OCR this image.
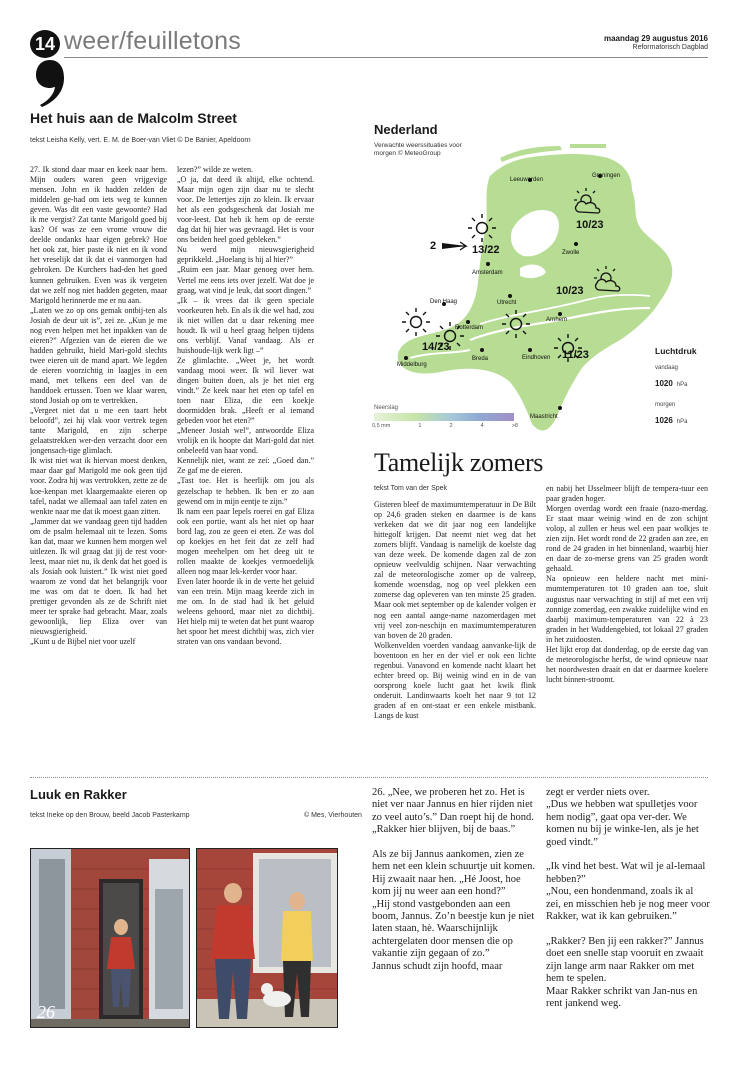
14 weer/feuilletons	maandag 29 augustus 2016
Reformatorisch Dagblad
Het huis aan de Malcolm Street
tekst Leisha Kelly, vert. E. M. de Boer-van Vliet © De Banier, Apeldoorn

27. Ik stond daar maar en keek naar hem. Mijn ouders waren geen vrijgevige mensen. John en ik hadden zelden de middelen ge-had om iets weg te kunnen geven. Was dit een vaste gewoonte? Had ik me vergist? Zat tante Marigold goed bij kas? Of was ze een vrome vrouw die deelde ondanks haar eigen gebrek? Hoe het ook zat, hier paste ik niet en ik vond het vreselijk dat ik dat ei vanmorgen had gebroken. De Kurchers had-den het goed kunnen gebruiken. Even was ik vergeten dat we zelf nog niet hadden gegeten, maar Marigold herinnerde me er nu aan.
„Laten we zo op ons gemak ontbij-ten als Josiah de deur uit is”, zei ze. „Kun je me nog even helpen met het inpakken van de eieren?” Afgezien van de eieren die we hadden gebruikt, hield Mari-gold slechts twee eieren uit de mand apart. We legden de eieren voorzichtig in laagjes in een mand, met telkens een deel van de handdoek ertussen. Toen we klaar waren, stond Josiah op om te vertrekken.
„Vergeet niet dat u me een taart hebt beloofd”, zei hij vlak voor vertrek tegen tante Marigold, en zijn scherpe gelaatstrekken wer-den verzacht door een jongensach-tige glimlach.
Ik wist niet wat ik hiervan moest denken, maar daar gaf Marigold me ook geen tijd voor. Zodra hij was vertrokken, zette ze de koe-kenpan met klaargemaakte eieren op tafel, nadat we allemaal aan tafel zaten en wenkte naar me dat ik moest gaan zitten.
„Jammer dat we vandaag geen tijd hadden om de psalm helemaal uit te lezen. Soms kan dat, maar we kunnen hem morgen wel uitlezen. Ik wil graag dat jij de rest voor-leest, maar niet nu, ik denk dat het goed is als Josiah ook luistert.” Ik wist niet goed waarom ze vond dat het belangrijk voor me was om dat te doen. Ik had het prettiger gevonden als ze de Schrift niet meer ter sprake had gebracht. Maar, zoals gewoonlijk, liep Eliza over van nieuwsgierigheid.
„Kunt u de Bijbel niet voor uzelf

lezen?” wilde ze weten.
„O ja, dat deed ik altijd, elke ochtend. Maar mijn ogen zijn daar nu te slecht voor. De lettertjes zijn zo klein. Ik ervaar het als een godsgeschenk dat Josiah me voor-leest. Dat heb ik hem op de eerste dag dat hij hier was gevraagd. Het is voor ons beiden heel goed gebleken.”
Nu werd mijn nieuwsgierigheid geprikkeld. „Hoelang is hij al hier?”
„Ruim een jaar. Maar genoeg over hem. Vertel me eens iets over jezelf. Wat doe je graag, wat vind je leuk, dat soort dingen.”
„Ik – ik vrees dat ik geen speciale voorkeuren heb. En als ik die wel had, zou ik niet willen dat u daar rekening mee houdt. Ik wil u heel graag helpen tijdens ons verblijf. Vanaf vandaag. Als er huishoude-lijk werk ligt –”
Ze glimlachte. „Weet je, het wordt vandaag mooi weer. Ik wil liever wat dingen buiten doen, als je het niet erg vindt.” Ze keek naar het eten op tafel en toen naar Eliza, die een koekje doormidden brak. „Heeft er al iemand gebeden voor het eten?”
„Meneer Josiah wel”, antwoordde Eliza vrolijk en ik hoopte dat Mari-gold dat niet onbeleefd van haar vond.
Kennelijk niet, want ze zei: „Goed dan.” Ze gaf me de eieren.
„Tast toe. Het is heerlijk om jou als gezelschap te hebben. Ik ben er zo aan gewend om in mijn eentje te zijn.”
Ik nam een paar lepels roerei en gaf Eliza ook een portie, want als het niet op haar bord lag, zou ze geen ei eten. Ze was dol op koekjes en het feit dat ze zelf had mogen meehelpen om het deeg uit te rollen maakte de koekjes vermoedelijk alleen nog maar lek-kerder voor haar.
Even later hoorde ik in de verte het geluid van een trein. Mijn maag keerde zich in me om. In de stad had ik het geluid weleens gehoord, maar niet zo dichtbij. Het hielp mij te weten dat het punt waarop het spoor het meest dichtbij was, zich vier straten van ons vandaan bevond.

Nederland
Verwachte weerssituaties voor morgen © MeteoGroup
Leeuwarden
Groningen
Zwolle
Amsterdam
Den Haag	Utrecht
Rotterdam
Arnhem
Breda	Eindhoven
Middelburg
Maastricht
10/23
13/22
10/23
14/23
11/23
2
Luchtdruk
vandaag
1020 hPa
morgen
1026 hPa
Neerslag
0,5 mm	1	2	4	>8
Tamelijk zomers
tekst Tom van der Spek

Gisteren bleef de maximumtemperatuur in De Bilt op 24,6 graden steken en daarmee is de kans verkeken dat we dit jaar nog een landelijke hittegolf krijgen. Dat neemt niet weg dat het zomers blijft. Vandaag is namelijk de koelste dag van deze week. De komende dagen zal de zon opnieuw veelvuldig schijnen. Naar verwachting zal de meteorologische zomer op de valreep, komende woensdag, nog op veel plekken een zomerse dag opleveren van ten minste 25 graden. Maar ook met september op de kalender volgen er nog een aantal aange-name nazomerdagen met vrij veel zon-neschijn en maximumtemperaturen van boven de 20 graden.
Wolkenvelden voerden vandaag aanvanke-lijk de boventoon en her en der viel er ook een lichte regenbui. Vanavond en komende nacht klaart het echter breed op. Bij weinig wind en in de van oorsprong koele lucht gaat het kwik flink onderuit. Landinwaarts koelt het naar 9 tot 12 graden af en ont-staat er een enkele mistbank. Langs de kust

en nabij het IJsselmeer blijft de tempera-tuur een paar graden hoger.
Morgen overdag wordt een fraaie (nazo-merdag. Er staat maar weinig wind en de zon schijnt volop, al zullen er heus wel een paar wolkjes te zien zijn. Het wordt rond de 22 graden aan zee, en rond de 24 graden in het binnenland, waarbij hier en daar de zo-merse grens van 25 graden wordt gehaald.
Na opnieuw een heldere nacht met mini-mumtemperaturen tot 10 graden aan toe, sluit augustus naar verwachting in stijl af met een vrij zonnige zomerdag, een zwakke zuidelijke wind en daarbij maximum-temperaturen van 22 à 23 graden in het Waddengebied, tot lokaal 27 graden in het zuidoosten.
Het lijkt erop dat donderdag, op de eerste dag van de meteorologische herfst, de wind opnieuw naar het noordwesten draait en dat er daarmee koelere lucht binnen-stroomt.

Luuk en Rakker
tekst Ineke op den Brouw, beeld Jacob Pasterkamp	© Mes, Vierhouten
26

26. „Nee, we proberen het zo. Het is niet ver naar Jannus en hier rijden niet zo veel auto’s.” Dan roept hij de hond. „Rakker hier blijven, bij de baas.”

Als ze bij Jannus aankomen, zien ze hem net een klein schuurtje uit komen.
Hij zwaait naar hen. „Hé Joost, hoe kom jij nu weer aan een hond?”
„Hij stond vastgebonden aan een boom, Jannus. Zo’n beestje kun je niet laten staan, hè. Waarschijnlijk achtergelaten door mensen die op vakantie zijn gegaan of zo.”
Jannus schudt zijn hoofd, maar

zegt er verder niets over.
„Dus we hebben wat spulletjes voor hem nodig”, gaat opa ver-der. We komen nu bij je winke-len, als je het goed vindt.”

„Ik vind het best. Wat wil je al-lemaal hebben?”
„Nou, een hondenmand, zoals ik al zei, en misschien heb je nog meer voor Rakker, wat ik kan gebruiken.”

„Rakker? Ben jij een rakker?” Jannus doet een snelle stap vooruit en zwaait zijn lange arm naar Rakker om met hem te spelen.
Maar Rakker schrikt van Jan-nus en rent jankend weg.
